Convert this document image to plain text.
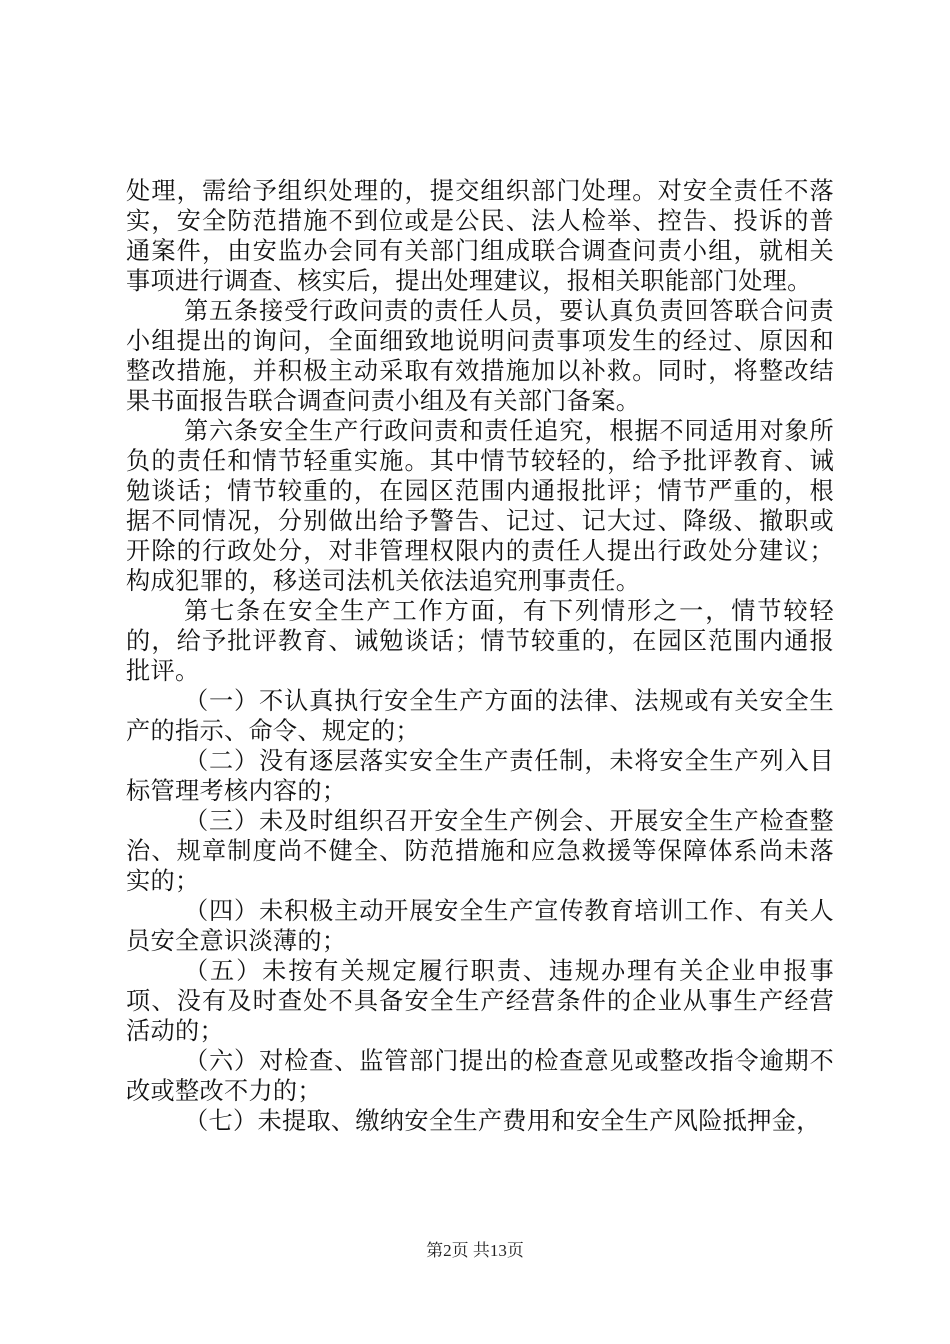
处理，需给予组织处理的，提交组织部门处理。对安全责任不落实，安全防范措施不到位或是公民、法人检举、控告、投诉的普通案件，由安监办会同有关部门组成联合调查问责小组，就相关事项进行调查、核实后，提出处理建议，报相关职能部门处理。

第五条接受行政问责的责任人员，要认真负责回答联合问责小组提出的询问，全面细致地说明问责事项发生的经过、原因和整改措施，并积极主动采取有效措施加以补救。同时，将整改结果书面报告联合调查问责小组及有关部门备案。

第六条安全生产行政问责和责任追究，根据不同适用对象所负的责任和情节轻重实施。其中情节较轻的，给予批评教育、诫勉谈话；情节较重的，在园区范围内通报批评；情节严重的，根据不同情况，分别做出给予警告、记过、记大过、降级、撤职或开除的行政处分，对非管理权限内的责任人提出行政处分建议；构成犯罪的，移送司法机关依法追究刑事责任。

第七条在安全生产工作方面，有下列情形之一，情节较轻的，给予批评教育、诫勉谈话；情节较重的，在园区范围内通报批评。

（一）不认真执行安全生产方面的法律、法规或有关安全生产的指示、命令、规定的；

（二）没有逐层落实安全生产责任制，未将安全生产列入目标管理考核内容的；

（三）未及时组织召开安全生产例会、开展安全生产检查整治、规章制度尚不健全、防范措施和应急救援等保障体系尚未落实的；

（四）未积极主动开展安全生产宣传教育培训工作、有关人员安全意识淡薄的；

（五）未按有关规定履行职责、违规办理有关企业申报事项、没有及时查处不具备安全生产经营条件的企业从事生产经营活动的；

（六）对检查、监管部门提出的检查意见或整改指令逾期不改或整改不力的；

（七）未提取、缴纳安全生产费用和安全生产风险抵押金，

第2页 共13页
